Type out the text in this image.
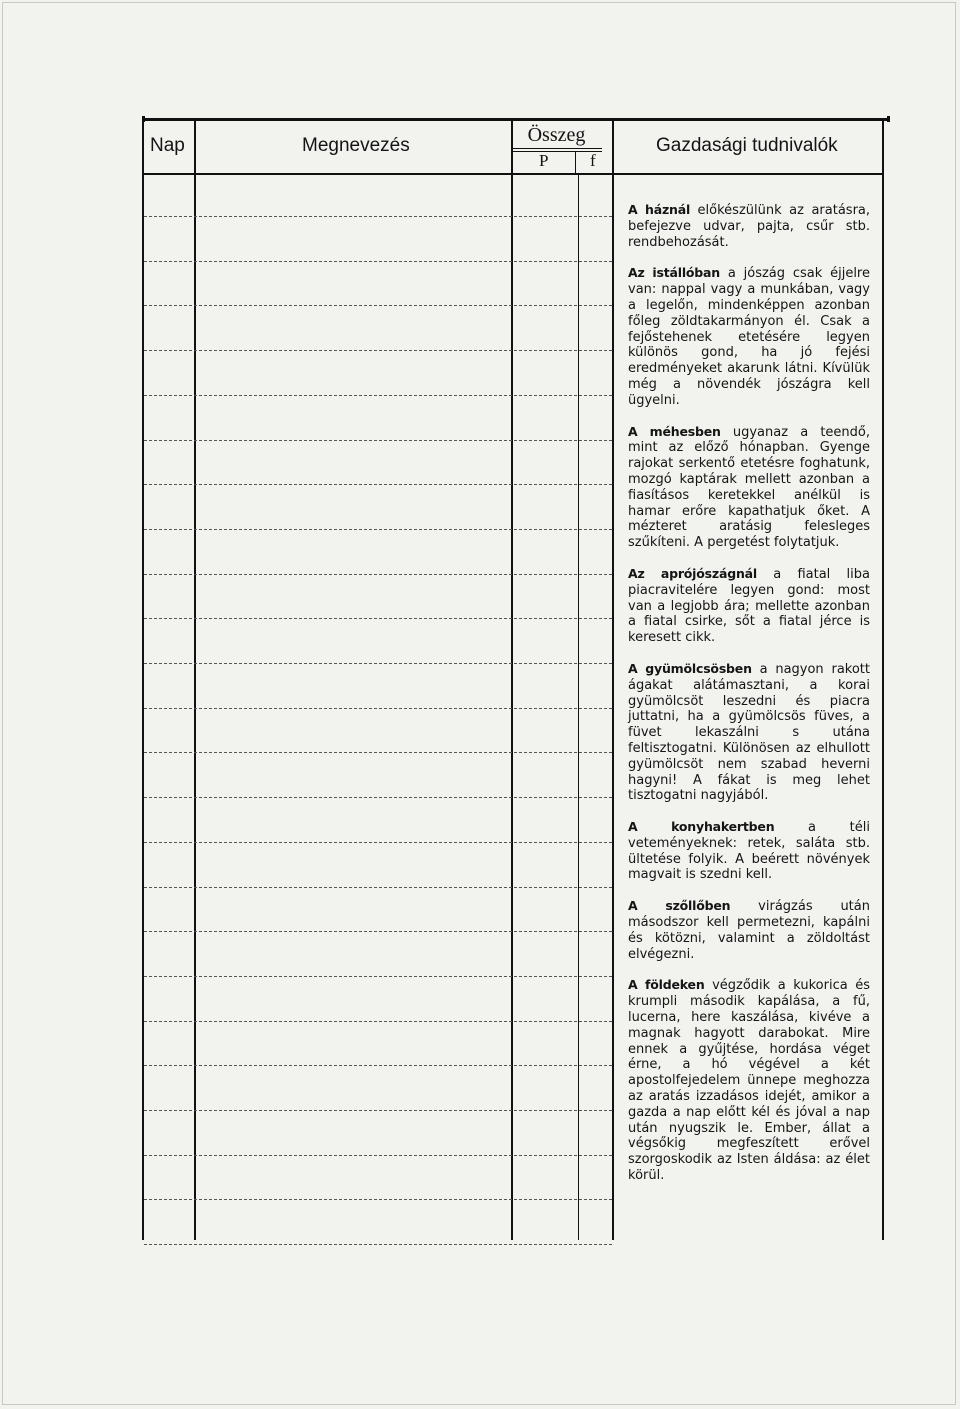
Nap	Megnevezés	Összeg
P f
Gazdasági tudnivalók

A háznál előkészülünk az aratásra, befejezve udvar, pajta, csűr stb. rendbehozását.

Az istállóban a jószág csak éjjelre van: nappal vagy a munkában, vagy a legelőn, mindenképpen azonban főleg zöldtakarmányon él. Csak a fejőstehenek etetésére legyen különös gond, ha jó fejési eredményeket akarunk látni. Kívülük még a növendék jószágra kell ügyelni.

A méhesben ugyanaz a teendő, mint az előző hónapban. Gyenge rajokat serkentő etetésre foghatunk, mozgó kaptárak mellett azonban a fiasításos keretekkel anélkül is hamar erőre kapathatjuk őket. A mézteret aratásig felesleges szűkíteni. A pergetést folytatjuk.

Az aprójószágnál a fiatal liba piacravitelére legyen gond: most van a legjobb ára; mellette azonban a fiatal csirke, sőt a fiatal jérce is keresett cikk.

A gyümölcsösben a nagyon rakott ágakat alátámasztani, a korai gyümölcsöt leszedni és piacra juttatni, ha a gyümölcsös füves, a füvet lekaszálni s utána feltisztogatni. Különösen az elhullott gyümölcsöt nem szabad heverni hagyni! A fákat is meg lehet tisztogatni nagyjából.

A konyhakertben a téli veteményeknek: retek, saláta stb. ültetése folyik. A beérett növények magvait is szedni kell.

A szőllőben virágzás után másodszor kell permetezni, kapálni és kötözni, valamint a zöldoltást elvégezni.

A földeken végződik a kukorica és krumpli második kapálása, a fű, lucerna, here kaszálása, kivéve a magnak hagyott darabokat. Mire ennek a gyűjtése, hordása véget érne, a hó végével a két apostolfejedelem ünnepe meghozza az aratás izzadásos idejét, amikor a gazda a nap előtt kél és jóval a nap után nyugszik le. Ember, állat a végsőkig megfeszített erővel szorgoskodik az Isten áldása: az élet körül.
